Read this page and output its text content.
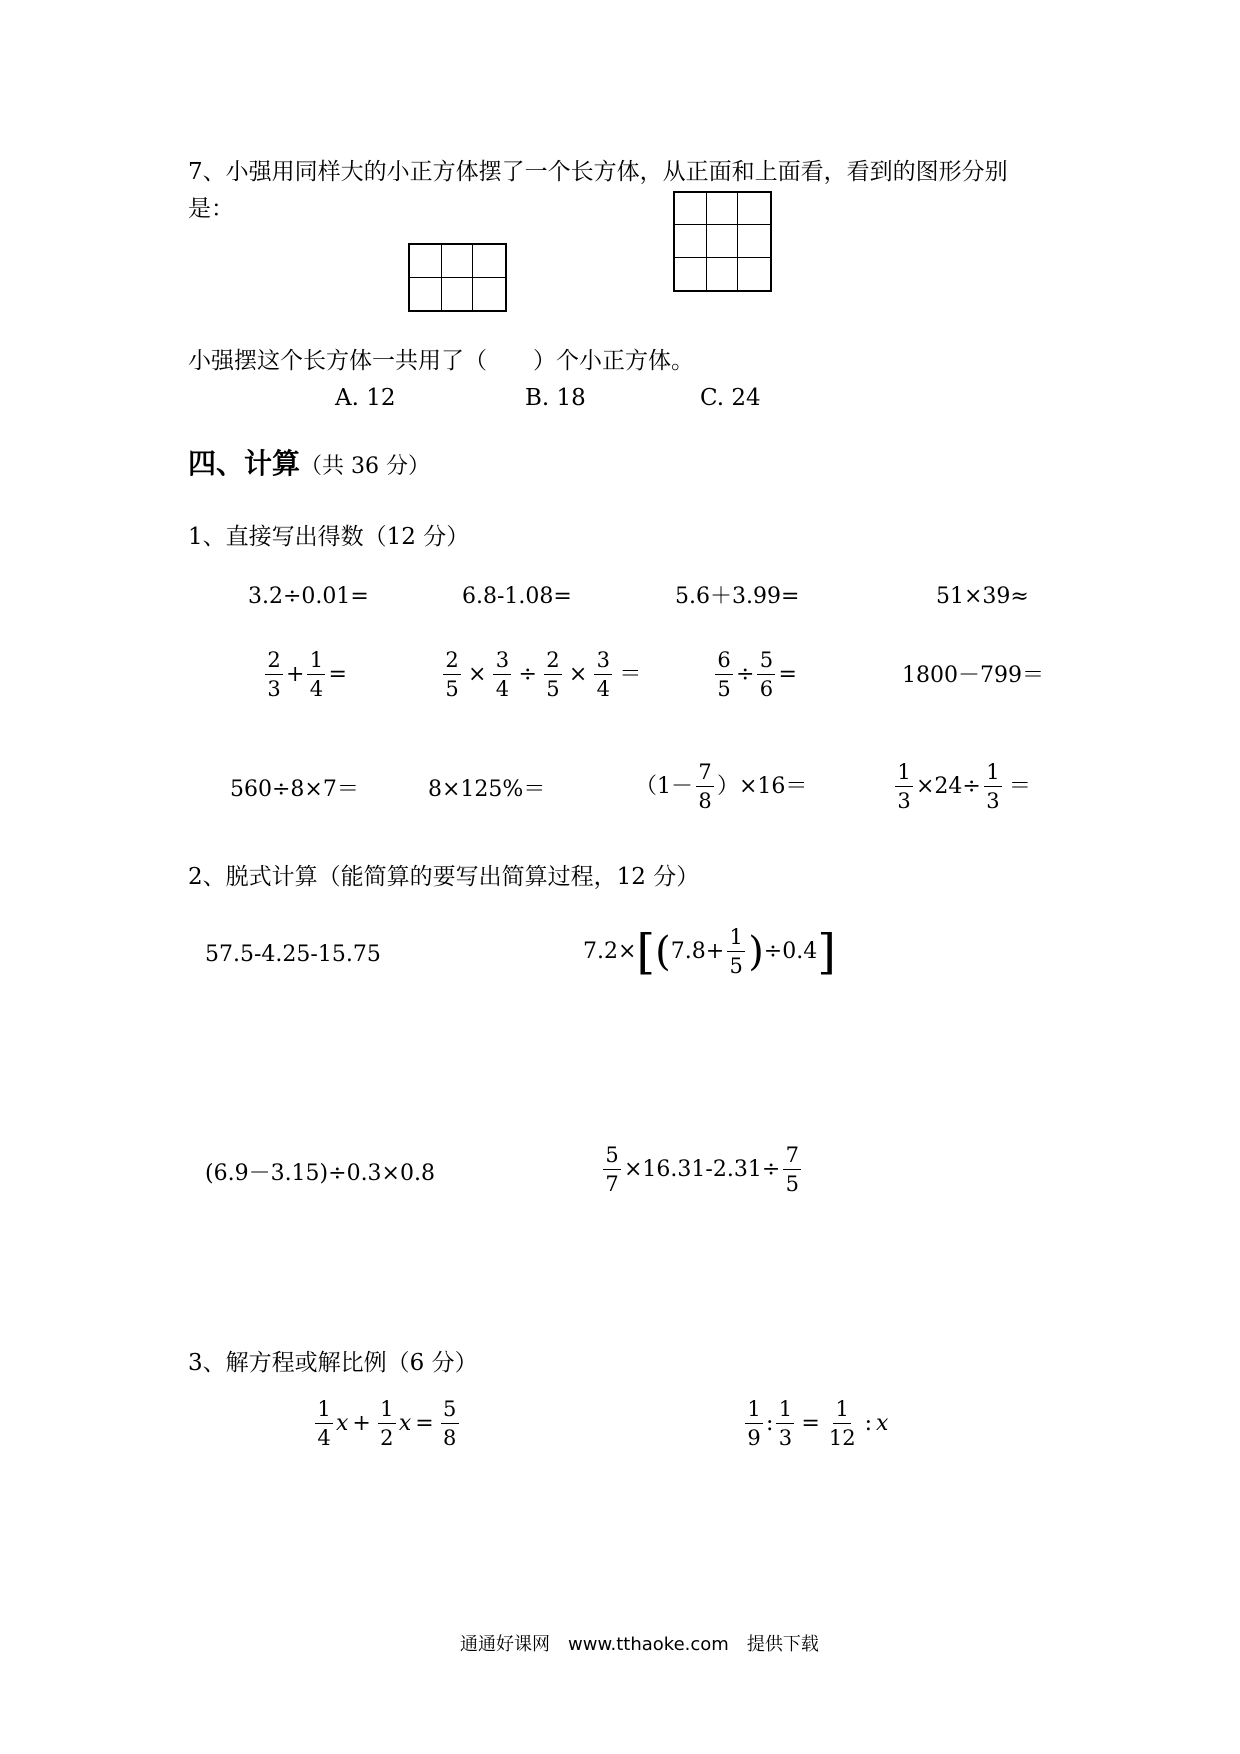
7、小强用同样大的小正方体摆了一个长方体，从正面和上面看，看到的图形分别
是：
小强摆这个长方体一共用了（　　）个小正方体。
A. 12	B. 18	C. 24
四、计算（共 36 分）
1、直接写出得数（12 分）
3.2÷0.01=	6.8-1.08=	5.6＋3.99=	51×39≈
$\frac{2}{3} + \frac{1}{4}$ =	$\frac{2}{5} \times \frac{3}{4} \div \frac{2}{5} \times \frac{3}{4}$ ＝	$\frac{6}{5} \div \frac{5}{6}$ =	1800－799＝
560÷8×7＝	8×125%＝	$(1- \frac{7}{8} )\times 16=$	$\frac{1}{3} \times 24\div \frac{1}{3}$ ＝
2、脱式计算（能简算的要写出简算过程，12 分）
57.5-4.25-15.75	7.2× [ ( $7.8+ \frac{1}{5}$ ) ÷0.4 ]
(6.9－3.15)÷0.3×0.8	$\frac{5}{7} \times 16.31-2.31\div \frac{7}{5}$
3、解方程或解比例（6 分）
$\frac{1}{4}$ $x + \frac{1}{2}$ $x = \frac{5}{8}$	$\frac{1}{9}$ : $\frac{1}{3} = \frac{1}{12}$ : x
通通好课网　www.tthaoke.com　提供下载
